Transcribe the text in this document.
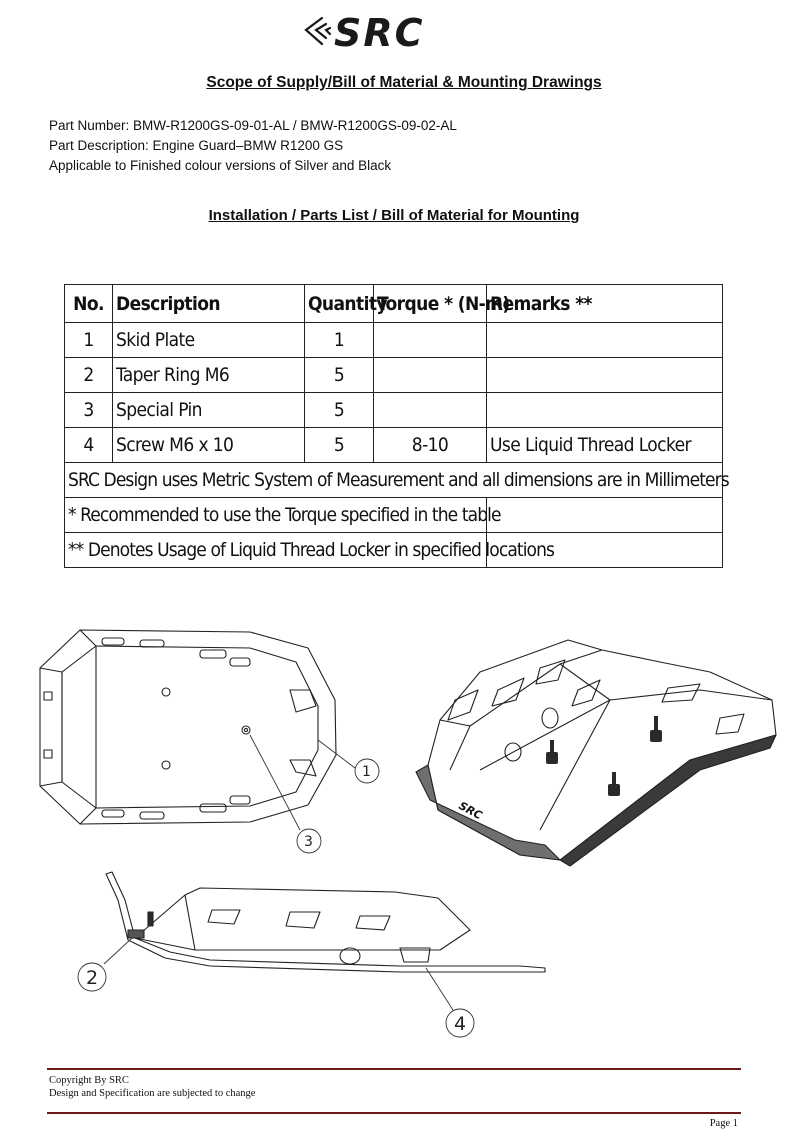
SRC
Scope of Supply/Bill of Material & Mounting Drawings
Part Number: BMW-R1200GS-09-01-AL / BMW-R1200GS-09-02-AL
Part Description: Engine Guard–BMW R1200 GS
Applicable to Finished colour versions of Silver and Black
Installation / Parts List / Bill of Material for Mounting
No.	Description	Quantity	Torque * (N-m)	Remarks **
1	Skid Plate	1		
2	Taper Ring M6	5		
3	Special Pin	5		
4	Screw M6 x 10	5	8-10	Use Liquid Thread Locker
SRC Design uses Metric System of Measurement and all dimensions are in Millimeters				
* Recommended to use the Torque specified in the table				
** Denotes Usage of Liquid Thread Locker in specified locations				
SRC
1
3
2
4
Copyright By SRC
Design and Specification are subjected to change
Page 1
